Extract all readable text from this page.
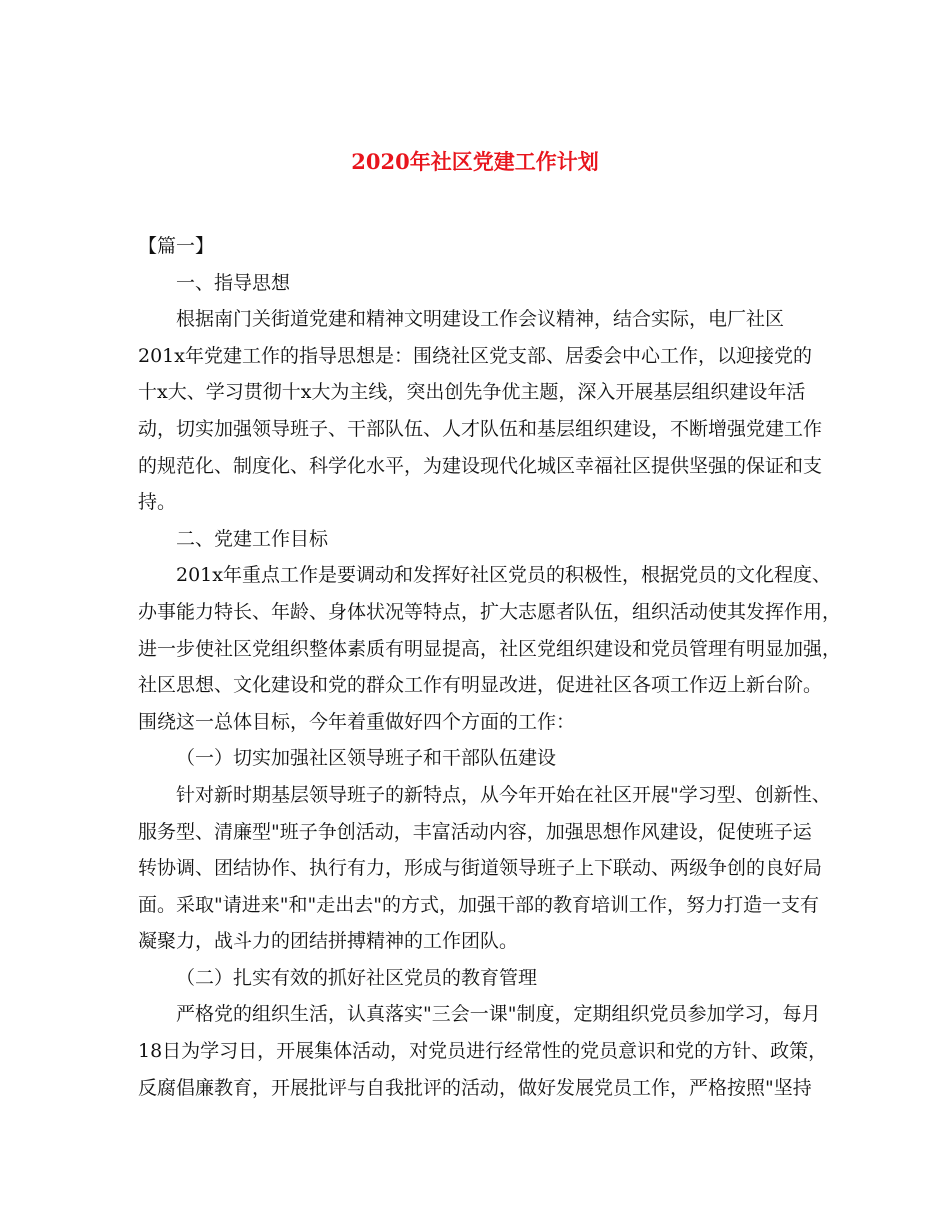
2020年社区党建工作计划

【篇一】

一、指导思想

根据南门关街道党建和精神文明建设工作会议精神，结合实际，电厂社区

201x年党建工作的指导思想是：围绕社区党支部、居委会中心工作，以迎接党的

十x大、学习贯彻十x大为主线，突出创先争优主题，深入开展基层组织建设年活

动，切实加强领导班子、干部队伍、人才队伍和基层组织建设，不断增强党建工作

的规范化、制度化、科学化水平，为建设现代化城区幸福社区提供坚强的保证和支

持。

二、党建工作目标

201x年重点工作是要调动和发挥好社区党员的积极性，根据党员的文化程度、

办事能力特长、年龄、身体状况等特点，扩大志愿者队伍，组织活动使其发挥作用，

进一步使社区党组织整体素质有明显提高，社区党组织建设和党员管理有明显加强，

社区思想、文化建设和党的群众工作有明显改进，促进社区各项工作迈上新台阶。

围绕这一总体目标，今年着重做好四个方面的工作：

（一）切实加强社区领导班子和干部队伍建设

针对新时期基层领导班子的新特点，从今年开始在社区开展"学习型、创新性、

服务型、清廉型"班子争创活动，丰富活动内容，加强思想作风建设，促使班子运

转协调、团结协作、执行有力，形成与街道领导班子上下联动、两级争创的良好局

面。采取"请进来"和"走出去"的方式，加强干部的教育培训工作，努力打造一支有

凝聚力，战斗力的团结拼搏精神的工作团队。

（二）扎实有效的抓好社区党员的教育管理

严格党的组织生活，认真落实"三会一课"制度，定期组织党员参加学习，每月

18日为学习日，开展集体活动，对党员进行经常性的党员意识和党的方针、政策，

反腐倡廉教育，开展批评与自我批评的活动，做好发展党员工作，严格按照"坚持
